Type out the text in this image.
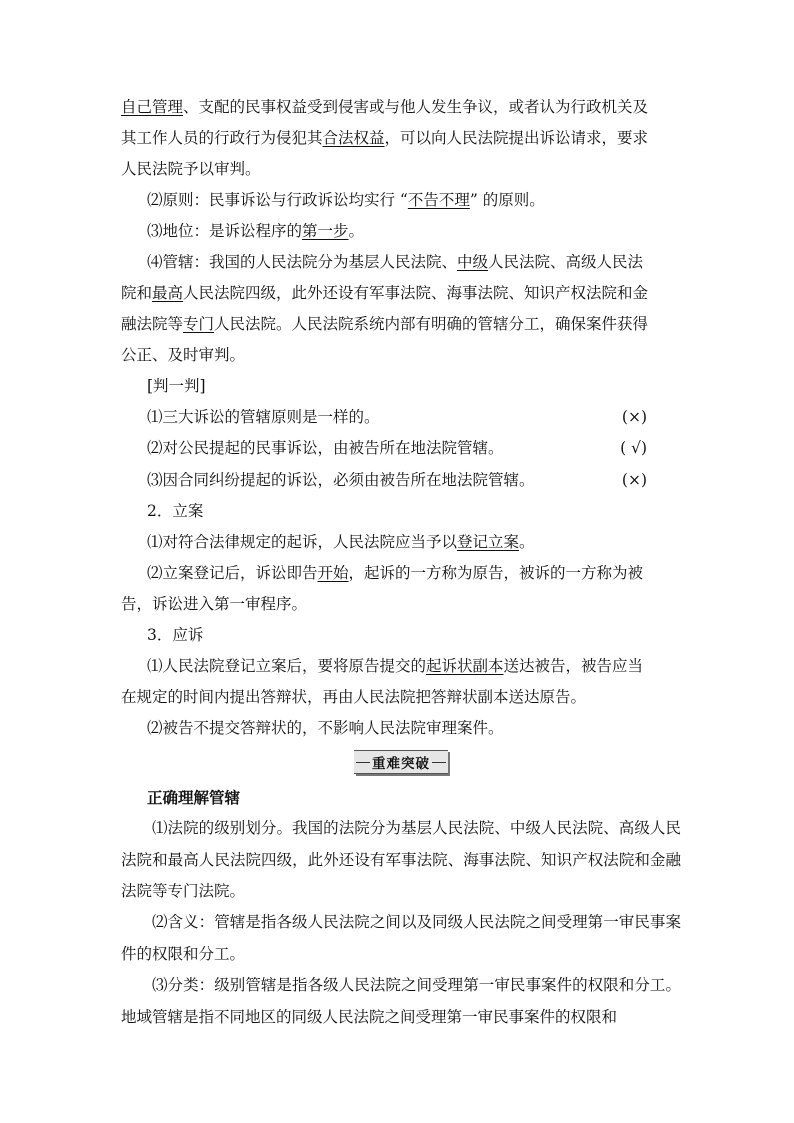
自己管理、支配的民事权益受到侵害或与他人发生争议，或者认为行政机关及
其工作人员的行政行为侵犯其合法权益，可以向人民法院提出诉讼请求，要求
人民法院予以审判。
⑵原则：民事诉讼与行政诉讼均实行 “不告不理” 的原则。
⑶地位：是诉讼程序的第一步。
⑷管辖：我国的人民法院分为基层人民法院、中级人民法院、高级人民法
院和最高人民法院四级，此外还设有军事法院、海事法院、知识产权法院和金
融法院等专门人民法院。人民法院系统内部有明确的管辖分工，确保案件获得
公正、及时审判。
[判一判]
⑴三大诉讼的管辖原则是一样的。	(×)
⑵对公民提起的民事诉讼，由被告所在地法院管辖。	( √)
⑶因合同纠纷提起的诉讼，必须由被告所在地法院管辖。	(×)
2．立案
⑴对符合法律规定的起诉，人民法院应当予以登记立案。
⑵立案登记后，诉讼即告开始，起诉的一方称为原告，被诉的一方称为被
告，诉讼进入第一审程序。
3．应诉
⑴人民法院登记立案后，要将原告提交的起诉状副本送达被告，被告应当
在规定的时间内提出答辩状，再由人民法院把答辩状副本送达原告。
⑵被告不提交答辩状的，不影响人民法院审理案件。
重难突破
正确理解管辖
⑴法院的级别划分。我国的法院分为基层人民法院、中级人民法院、高级人民法院和最高人民法院四级，此外还设有军事法院、海事法院、知识产权法院和金融法院等专门法院。
⑵含义：管辖是指各级人民法院之间以及同级人民法院之间受理第一审民事案件的权限和分工。
⑶分类：级别管辖是指各级人民法院之间受理第一审民事案件的权限和分工。地域管辖是指不同地区的同级人民法院之间受理第一审民事案件的权限和
